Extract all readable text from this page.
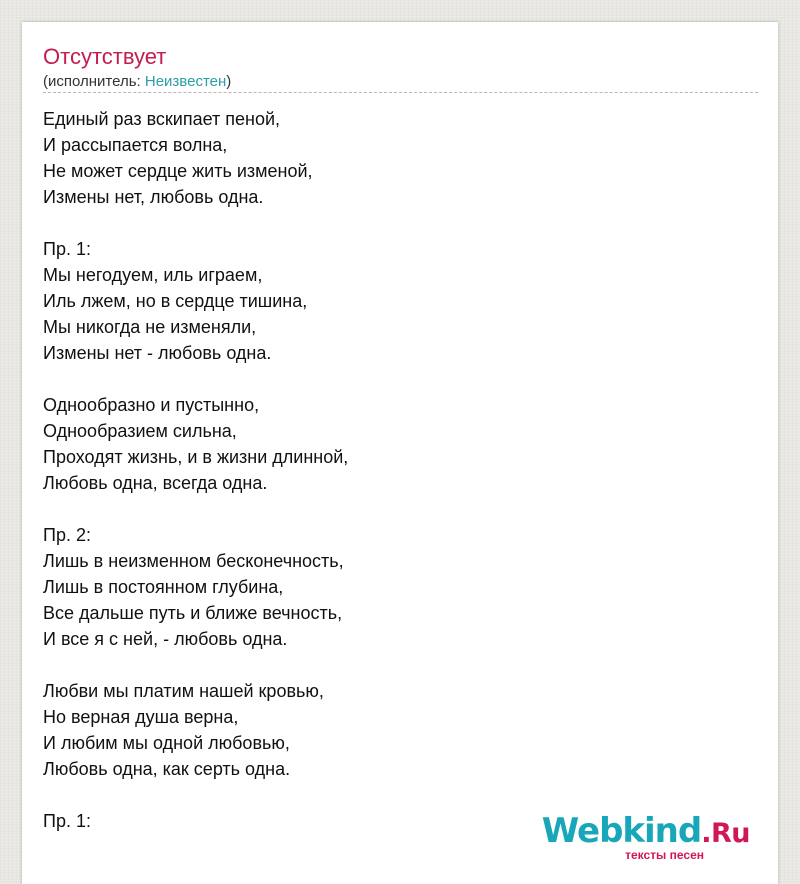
Отсутствует
(исполнитель: Неизвестен)
Единый раз вскипает пеной,
И рассыпается волна,
Не может сердце жить изменой,
Измены нет, любовь одна.
Пр. 1:
Мы негодуем, иль играем,
Иль лжем, но в сердце тишина,
Мы никогда не изменяли,
Измены нет - любовь одна.
Однообразно и пустынно,
Однообразием сильна,
Проходят жизнь, и в жизни длинной,
Любовь одна, всегда одна.
Пр. 2:
Лишь в неизменном бесконечность,
Лишь в постоянном глубина,
Все дальше путь и ближе вечность,
И все я с ней, - любовь одна.
Любви мы платим нашей кровью,
Но верная душа верна,
И любим мы одной любовью,
Любовь одна, как серть одна.
Пр. 1:	Webkind.Ru
тексты песен
